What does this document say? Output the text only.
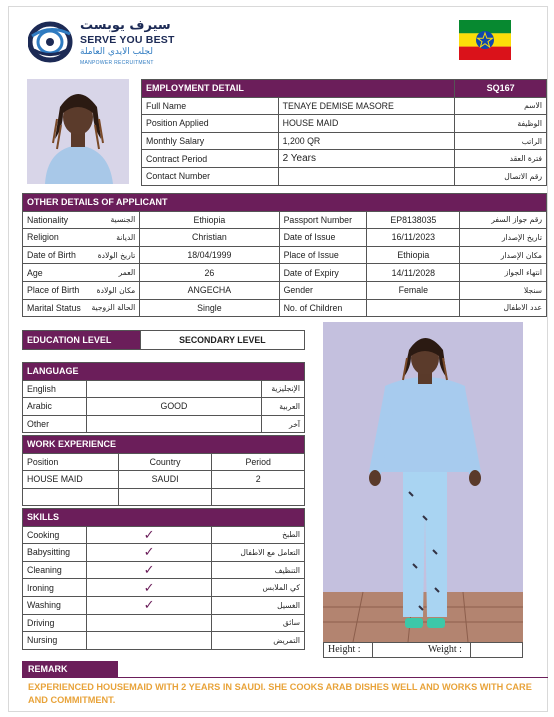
سيرف يوبست
SERVE YOU BEST
لجلب الايدي العاملة
MANPOWER RECRUITMENT
EMPLOYMENT DETAIL		SQ167
Full Name	TENAYE DEMISE MASORE	الاسم
Position Applied	HOUSE MAID	الوظيفة
Monthly Salary	1,200 QR	الراتب
Contract Period	2 Years	فترة العقد
Contact Number		رقم الاتصال
OTHER DETAILS OF APPLICANT					
Nationality	الجنسية	Ethiopia	Passport Number	EP8138035	رقم جواز السفر
Religion	الديانة	Christian	Date of Issue	16/11/2023	تاريخ الإصدار
Date of Birth	تاريخ الولادة	18/04/1999	Place of Issue	Ethiopia	مكان الإصدار
Age	العمر	26	Date of Expiry	14/11/2028	انتهاء الجواز
Place of Birth	مكان الولادة	ANGECHA	Gender	Female	سنجلا
Marital Status	الحالة الزوجية	Single	No. of Children		عدد الاطفال
EDUCATION LEVEL	SECONDARY LEVEL
LANGUAGE		
English		الإنجليزية
Arabic	GOOD	العربية
Other		آخر
WORK EXPERIENCE		
Position	Country	Period
HOUSE MAID	SAUDI	2

SKILLS		
Cooking	✓	الطبخ
Babysitting	✓	التعامل مع الاطفال
Cleaning	✓	التنظيف
Ironing	✓	كي الملابس
Washing	✓	الغسيل
Driving		سائق
Nursing		التمريض
Height :	Weight :
REMARK
EXPERIENCED HOUSEMAID WITH 2 YEARS IN SAUDI. SHE COOKS ARAB DISHES WELL AND WORKS WITH CARE AND COMMITMENT.
